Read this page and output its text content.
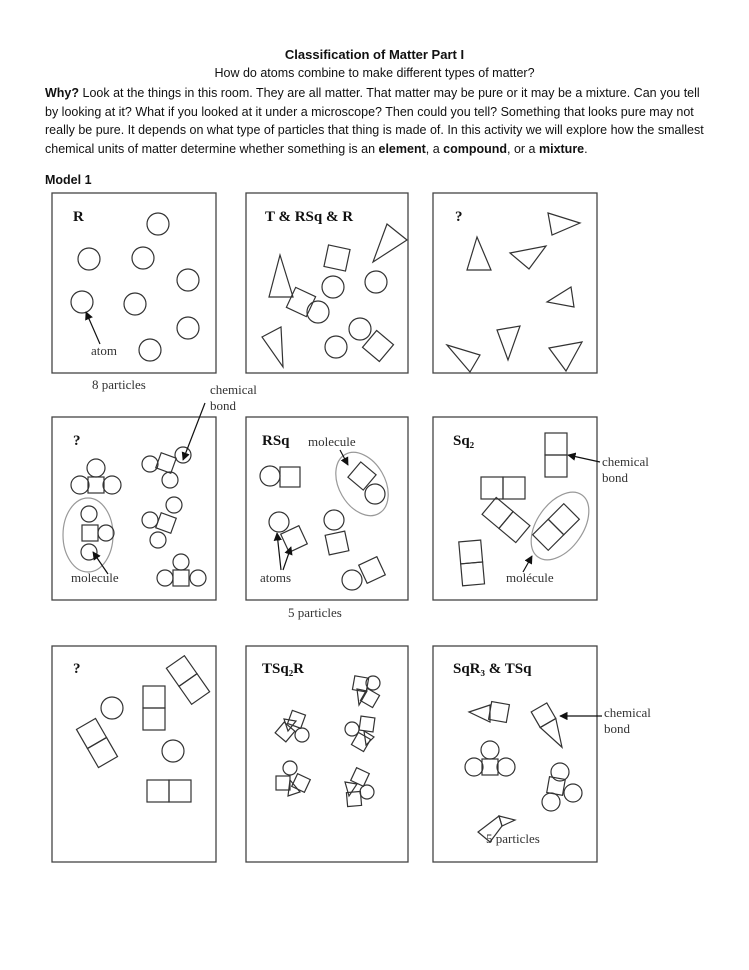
Classification of Matter Part I
How do atoms combine to make different types of matter?
Why? Look at the things in this room. They are all matter. That matter may be pure or it may be a mixture. Can you tell by looking at it? What if you looked at it under a microscope? Then could you tell? Something that looks pure may not really be pure. It depends on what type of particles that thing is made of. In this activity we will explore how the smallest chemical units of matter determine whether something is an element, a compound, or a mixture.
Model 1
R	T & RSq & R	?
?	RSq	Sq₂
?	TSq₂R	SqR₃ & TSq
atom
8 particles	chemical
bond
molecule
molecule
atoms
5 particles
molécule
chemical
bond
chemical
bond
5 particles
